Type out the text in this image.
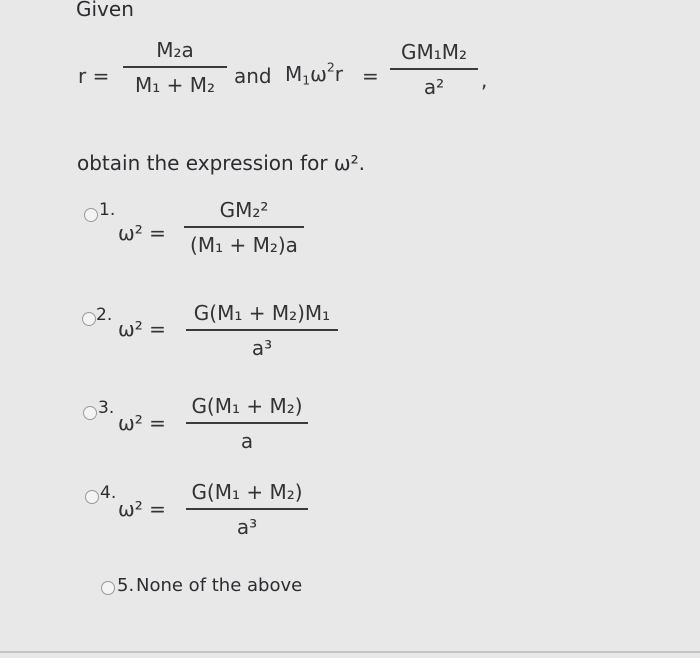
Given
r =
M₂a
M₁ + M₂ and $M_1\omega^2r$ =
GM₁M₂
a²	,
obtain the expression for ω².
1.
ω² =
GM₂²
(M₁ + M₂)a
2.
ω² =
G(M₁ + M₂)M₁
a³
3.
ω² =
G(M₁ + M₂)
a
4.
ω² =
G(M₁ + M₂)
a³
5. None of the above
